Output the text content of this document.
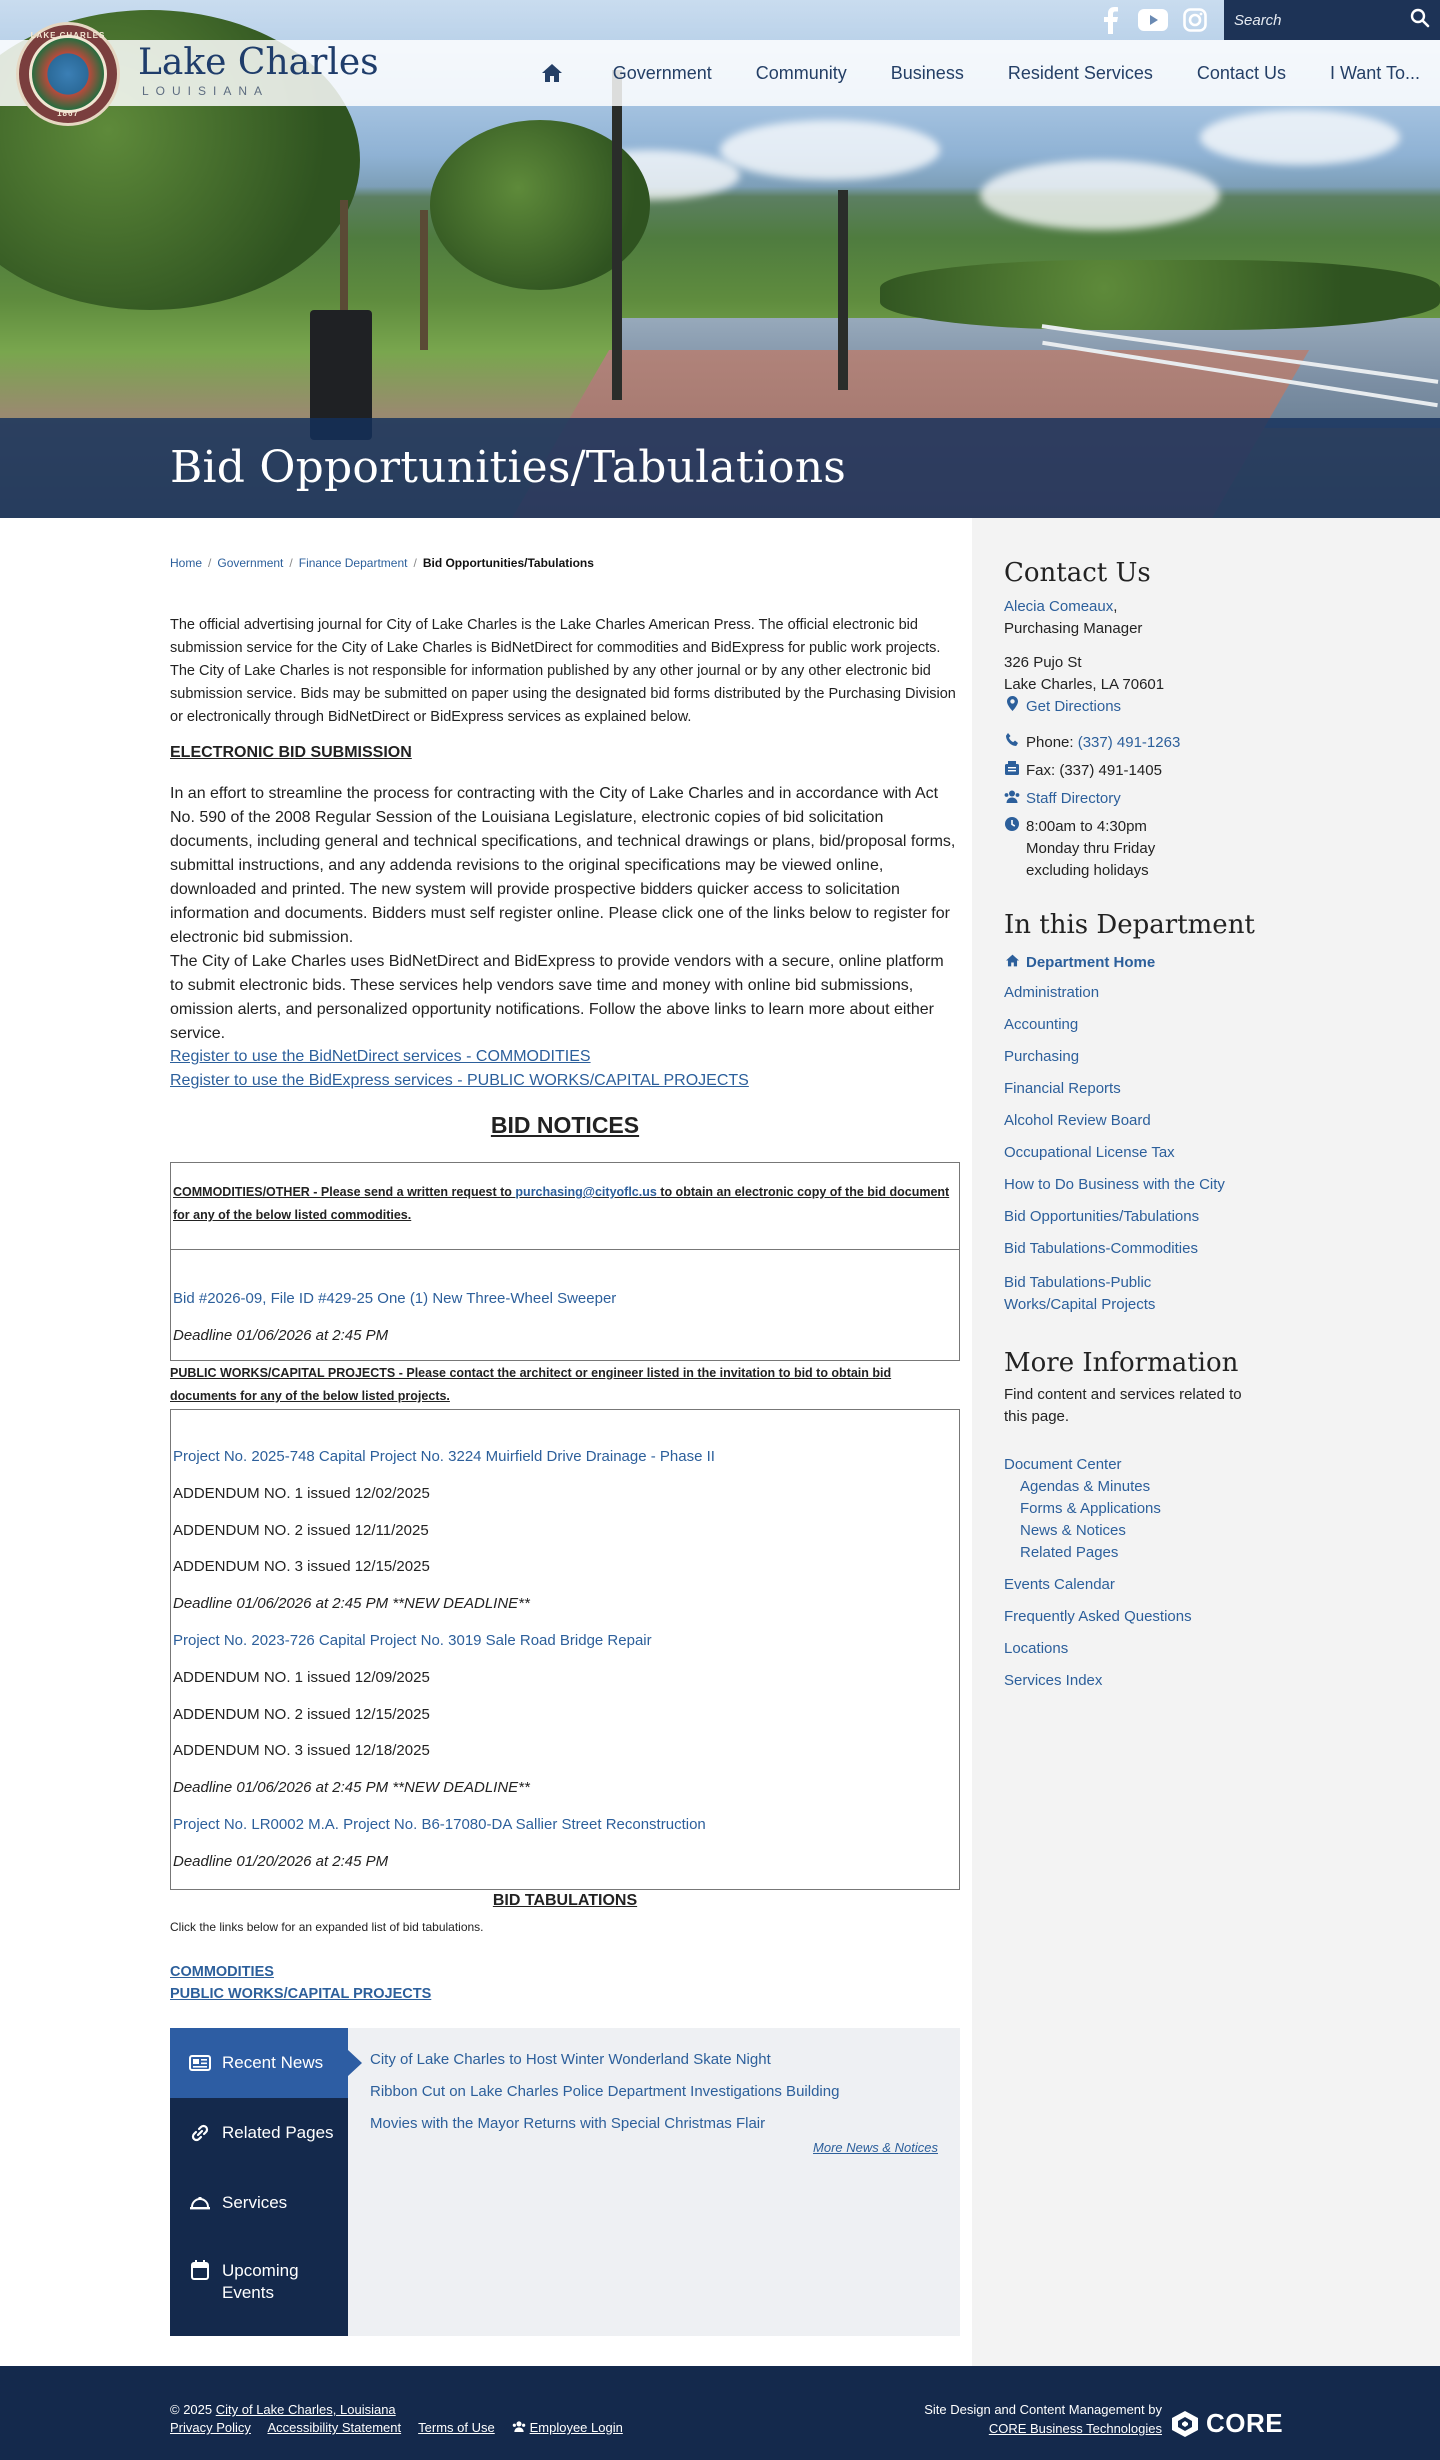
Bid Opportunities/Tabulations
LAKE CHARLES
1867
Lake Charles
LOUISIANA
Search
Government	Community	Business	Resident Services	Contact Us	I Want To...
Contact Us
Alecia Comeaux,
Purchasing Manager
326 Pujo St
Lake Charles, LA 70601
Get Directions
Phone: (337) 491-1263
Fax: (337) 491-1405
Staff Directory
8:00am to 4:30pm
Monday thru Friday
excluding holidays
In this Department
Department Home
Administration
Accounting
Purchasing
Financial Reports
Alcohol Review Board
Occupational License Tax
How to Do Business with the City
Bid Opportunities/Tabulations
Bid Tabulations-Commodities
Bid Tabulations-Public
Works/Capital Projects
More Information
Find content and services related to
this page.
Document Center
Agendas & Minutes
Forms & Applications
News & Notices
Related Pages
Events Calendar
Frequently Asked Questions
Locations
Services Index
Home / Government / Finance Department / Bid Opportunities/Tabulations
The official advertising journal for City of Lake Charles is the Lake Charles American Press. The official electronic bid submission service for the City of Lake Charles is BidNetDirect for commodities and BidExpress for public work projects. The City of Lake Charles is not responsible for information published by any other journal or by any other electronic bid submission service. Bids may be submitted on paper using the designated bid forms distributed by the Purchasing Division or electronically through BidNetDirect or BidExpress services as explained below.
ELECTRONIC BID SUBMISSION
In an effort to streamline the process for contracting with the City of Lake Charles and in accordance with Act No. 590 of the 2008 Regular Session of the Louisiana Legislature, electronic copies of bid solicitation documents, including general and technical specifications, and technical drawings or plans, bid/proposal forms, submittal instructions, and any addenda revisions to the original specifications may be viewed online, downloaded and printed. The new system will provide prospective bidders quicker access to solicitation information and documents. Bidders must self register online. Please click one of the links below to register for electronic bid submission.
The City of Lake Charles uses BidNetDirect and BidExpress to provide vendors with a secure, online platform to submit electronic bids. These services help vendors save time and money with online bid submissions, omission alerts, and personalized opportunity notifications. Follow the above links to learn more about either service.
Register to use the BidNetDirect services - COMMODITIES
Register to use the BidExpress services - PUBLIC WORKS/CAPITAL PROJECTS
BID NOTICES
COMMODITIES/OTHER - Please send a written request to purchasing@cityoflc.us to obtain an electronic copy of the bid document for any of the below listed commodities.
Bid #2026-09, File ID #429-25 One (1) New Three-Wheel Sweeper
Deadline 01/06/2026 at 2:45 PM
PUBLIC WORKS/CAPITAL PROJECTS - Please contact the architect or engineer listed in the invitation to bid to obtain bid documents for any of the below listed projects.
Project No. 2025-748 Capital Project No. 3224 Muirfield Drive Drainage - Phase II
ADDENDUM NO. 1 issued 12/02/2025
ADDENDUM NO. 2 issued 12/11/2025
ADDENDUM NO. 3 issued 12/15/2025
Deadline 01/06/2026 at 2:45 PM **NEW DEADLINE**
Project No. 2023-726 Capital Project No. 3019 Sale Road Bridge Repair
ADDENDUM NO. 1 issued 12/09/2025
ADDENDUM NO. 2 issued 12/15/2025
ADDENDUM NO. 3 issued 12/18/2025
Deadline 01/06/2026 at 2:45 PM **NEW DEADLINE**
Project No. LR0002 M.A. Project No. B6-17080-DA Sallier Street Reconstruction
Deadline 01/20/2026 at 2:45 PM
BID TABULATIONS
Click the links below for an expanded list of bid tabulations.
COMMODITIES
PUBLIC WORKS/CAPITAL PROJECTS
Recent News
Related Pages
Services
Upcoming Events
City of Lake Charles to Host Winter Wonderland Skate Night
Ribbon Cut on Lake Charles Police Department Investigations Building
Movies with the Mayor Returns with Special Christmas Flair
More News & Notices
© 2025 City of Lake Charles, Louisiana
Privacy Policy Accessibility Statement Terms of Use	Employee Login
Site Design and Content Management by
CORE Business Technologies CORE
